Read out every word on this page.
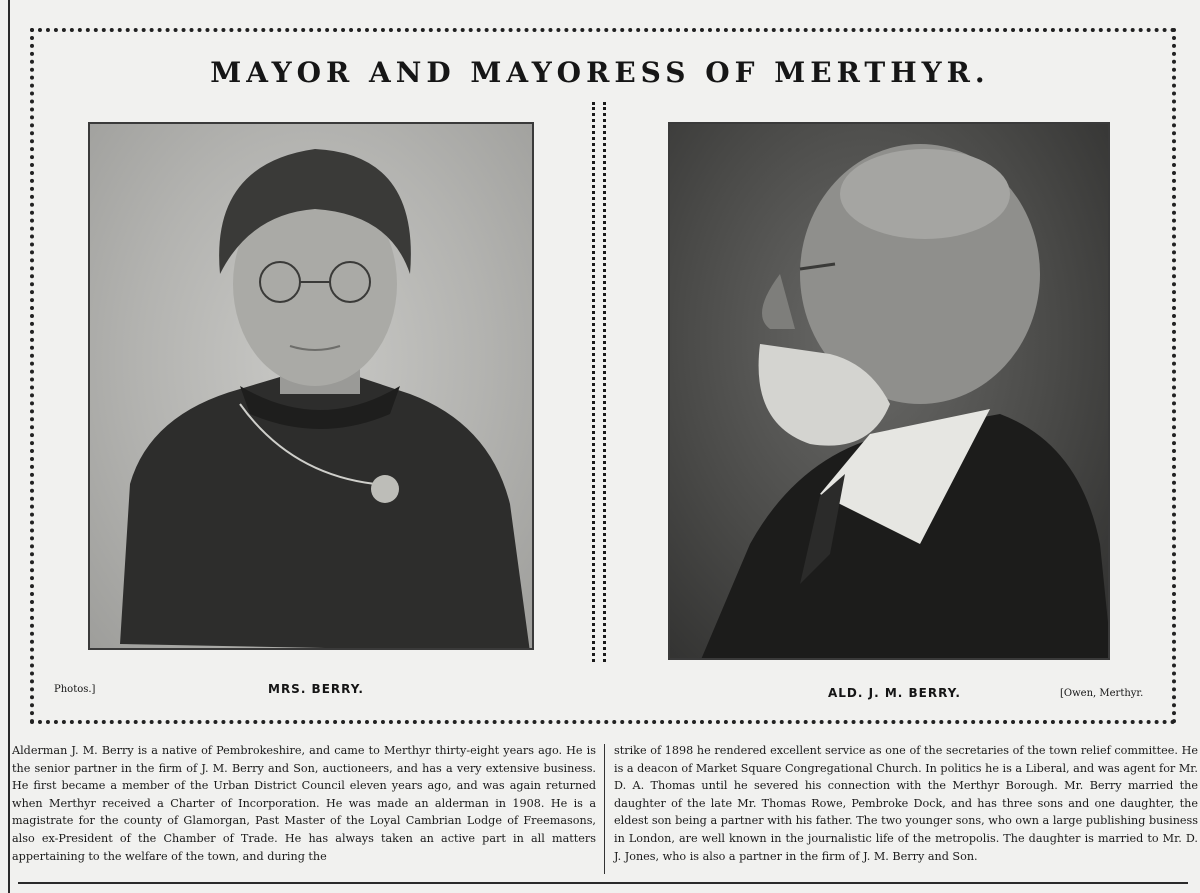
MAYOR AND MAYORESS OF MERTHYR.
Photos.]	MRS. BERRY.	ALD. J. M. BERRY.	[Owen, Merthyr.
Alderman J. M. Berry is a native of Pembrokeshire, and came to Merthyr thirty-eight years ago. He is the senior partner in the firm of J. M. Berry and Son, auctioneers, and has a very extensive business. He first became a member of the Urban District Council eleven years ago, and was again returned when Merthyr received a Charter of Incorporation. He was made an alderman in 1908. He is a magistrate for the county of Glamorgan, Past Master of the Loyal Cambrian Lodge of Freemasons, also ex-President of the Chamber of Trade. He has always taken an active part in all matters appertaining to the welfare of the town, and during the
strike of 1898 he rendered excellent service as one of the secretaries of the town relief committee. He is a deacon of Market Square Congregational Church. In politics he is a Liberal, and was agent for Mr. D. A. Thomas until he severed his connection with the Merthyr Borough. Mr. Berry married the daughter of the late Mr. Thomas Rowe, Pembroke Dock, and has three sons and one daughter, the eldest son being a partner with his father. The two younger sons, who own a large publishing business in London, are well known in the journalistic life of the metropolis. The daughter is married to Mr. D. J. Jones, who is also a partner in the firm of J. M. Berry and Son.
